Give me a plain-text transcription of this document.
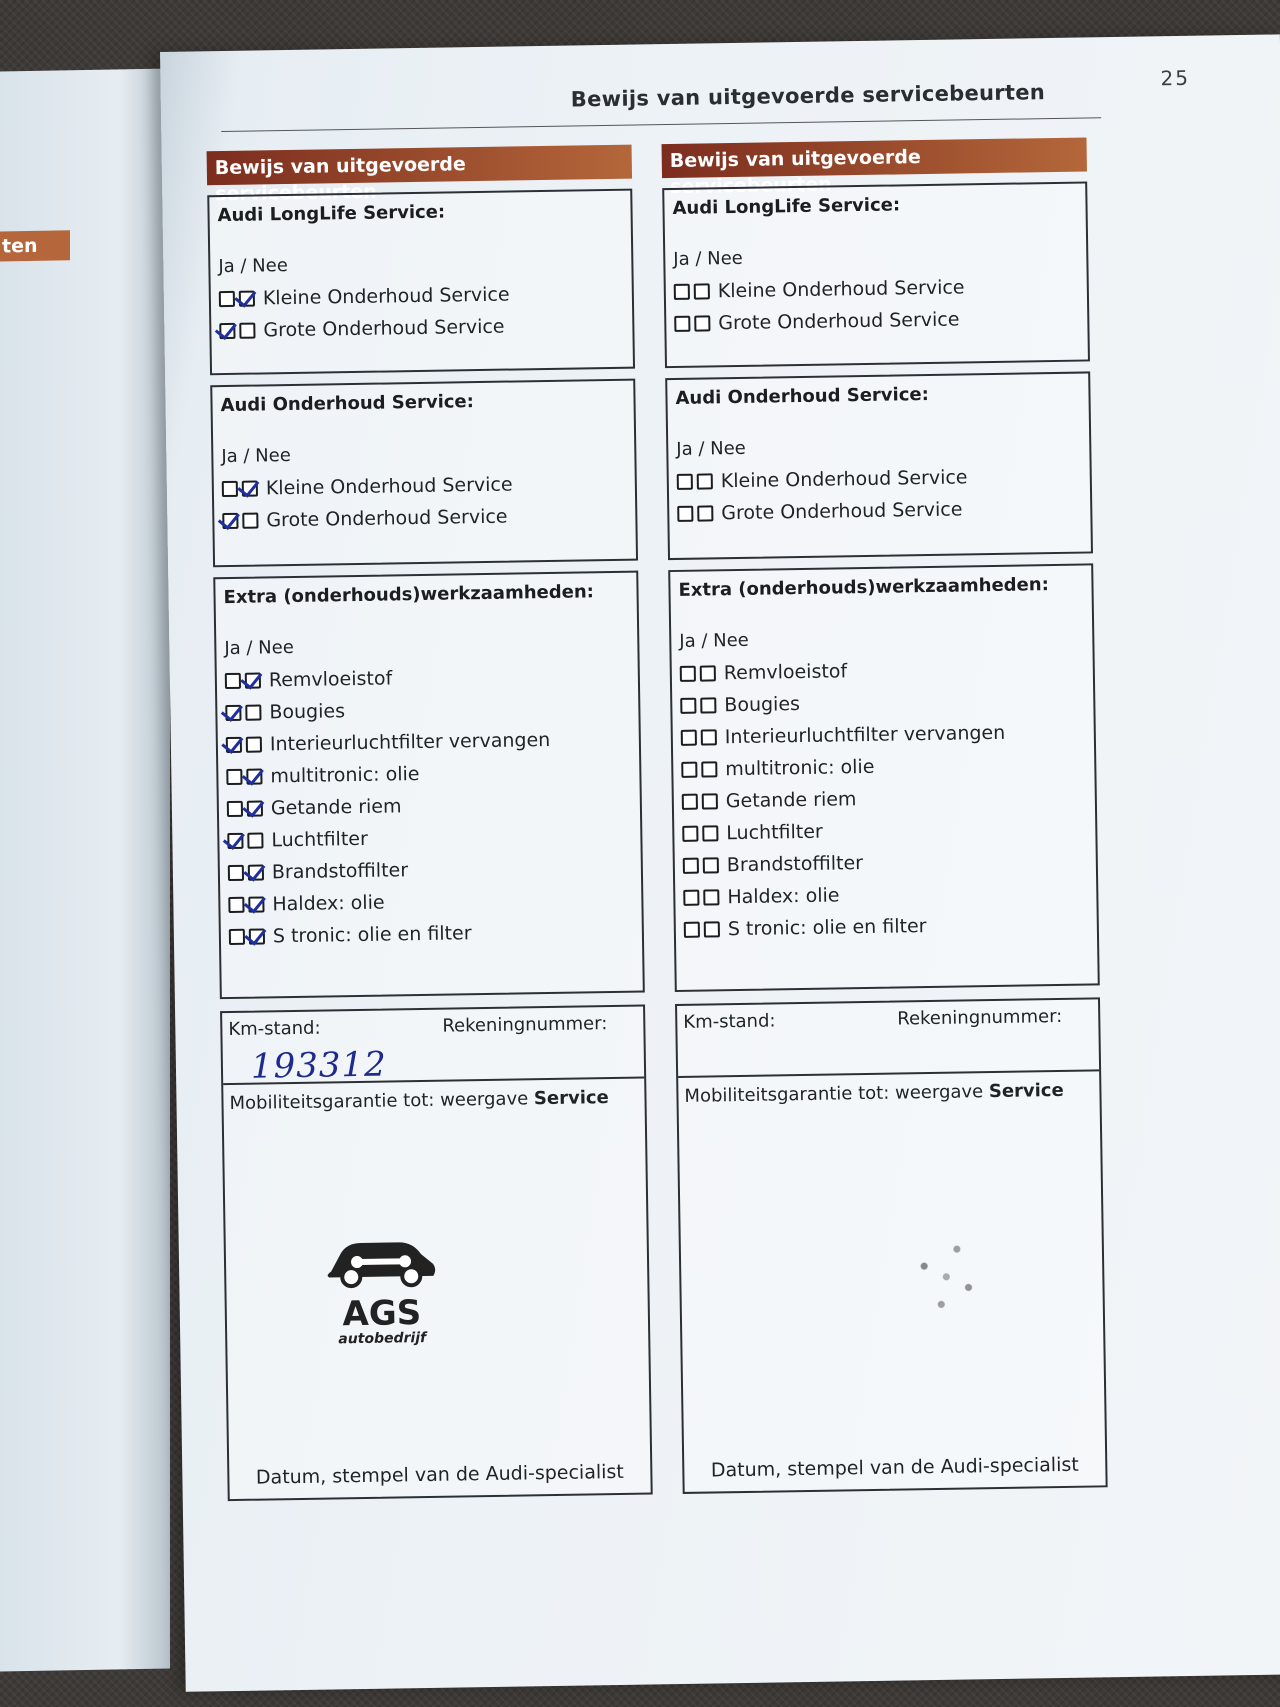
ten
Bewijs van uitgevoerde servicebeurten
25
Bewijs van uitgevoerde servicebeurten
Audi LongLife Service:
Ja / Nee
Kleine Onderhoud Service
Grote Onderhoud Service
Audi Onderhoud Service:
Ja / Nee
Kleine Onderhoud Service
Grote Onderhoud Service
Extra (onderhouds)werkzaamheden:
Ja / Nee
Remvloeistof
Bougies
Interieurluchtfilter vervangen
multitronic: olie
Getande riem
Luchtfilter
Brandstoffilter
Haldex: olie
S tronic: olie en filter
Km-stand:	Rekeningnummer:
193312
Mobiliteitsgarantie tot: weergave Service
AGS
autobedrijf
Datum, stempel van de Audi-specialist
Bewijs van uitgevoerde servicebeurten
Audi LongLife Service:
Ja / Nee
Kleine Onderhoud Service
Grote Onderhoud Service
Audi Onderhoud Service:
Ja / Nee
Kleine Onderhoud Service
Grote Onderhoud Service
Extra (onderhouds)werkzaamheden:
Ja / Nee
Remvloeistof
Bougies
Interieurluchtfilter vervangen
multitronic: olie
Getande riem
Luchtfilter
Brandstoffilter
Haldex: olie
S tronic: olie en filter
Km-stand:	Rekeningnummer:
Mobiliteitsgarantie tot: weergave Service
Datum, stempel van de Audi-specialist
